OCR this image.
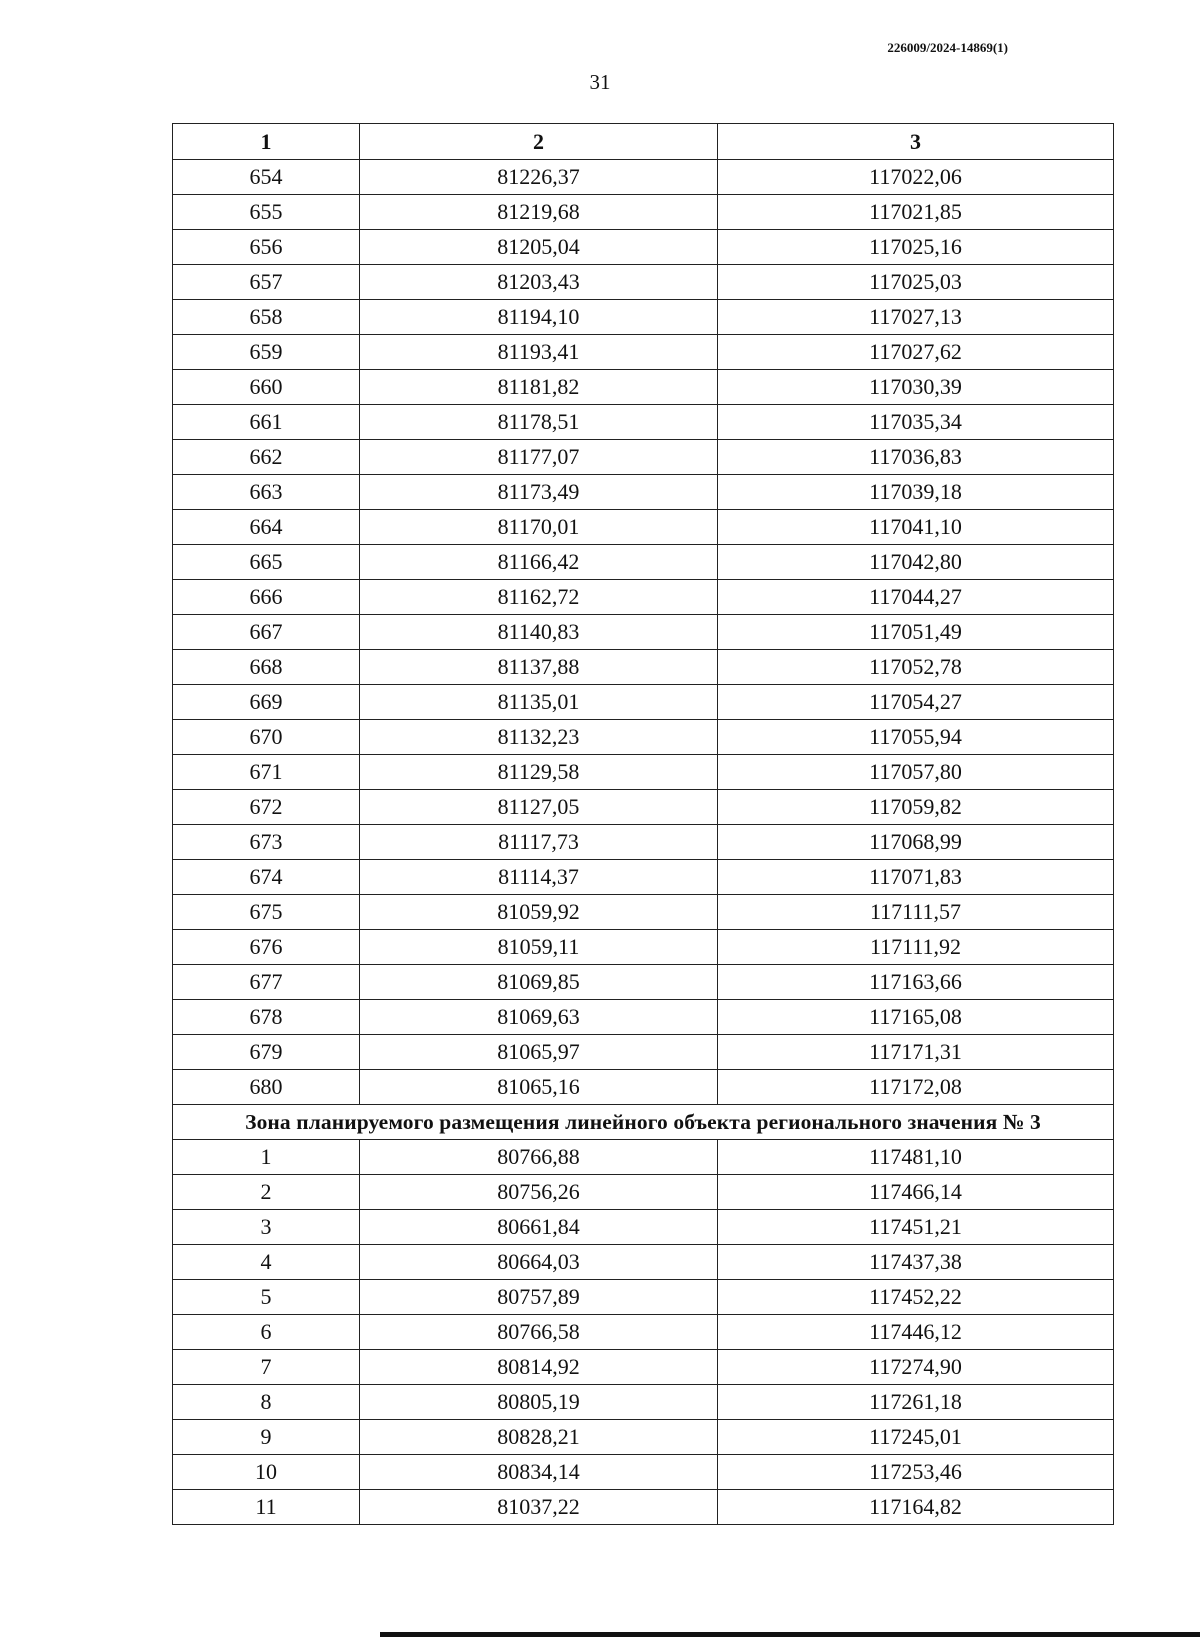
226009/2024-14869(1)
31
1	2	3
654	81226,37	117022,06
655	81219,68	117021,85
656	81205,04	117025,16
657	81203,43	117025,03
658	81194,10	117027,13
659	81193,41	117027,62
660	81181,82	117030,39
661	81178,51	117035,34
662	81177,07	117036,83
663	81173,49	117039,18
664	81170,01	117041,10
665	81166,42	117042,80
666	81162,72	117044,27
667	81140,83	117051,49
668	81137,88	117052,78
669	81135,01	117054,27
670	81132,23	117055,94
671	81129,58	117057,80
672	81127,05	117059,82
673	81117,73	117068,99
674	81114,37	117071,83
675	81059,92	117111,57
676	81059,11	117111,92
677	81069,85	117163,66
678	81069,63	117165,08
679	81065,97	117171,31
680	81065,16	117172,08
Зона планируемого размещения линейного объекта регионального значения № 3		
1	80766,88	117481,10
2	80756,26	117466,14
3	80661,84	117451,21
4	80664,03	117437,38
5	80757,89	117452,22
6	80766,58	117446,12
7	80814,92	117274,90
8	80805,19	117261,18
9	80828,21	117245,01
10	80834,14	117253,46
11	81037,22	117164,82
